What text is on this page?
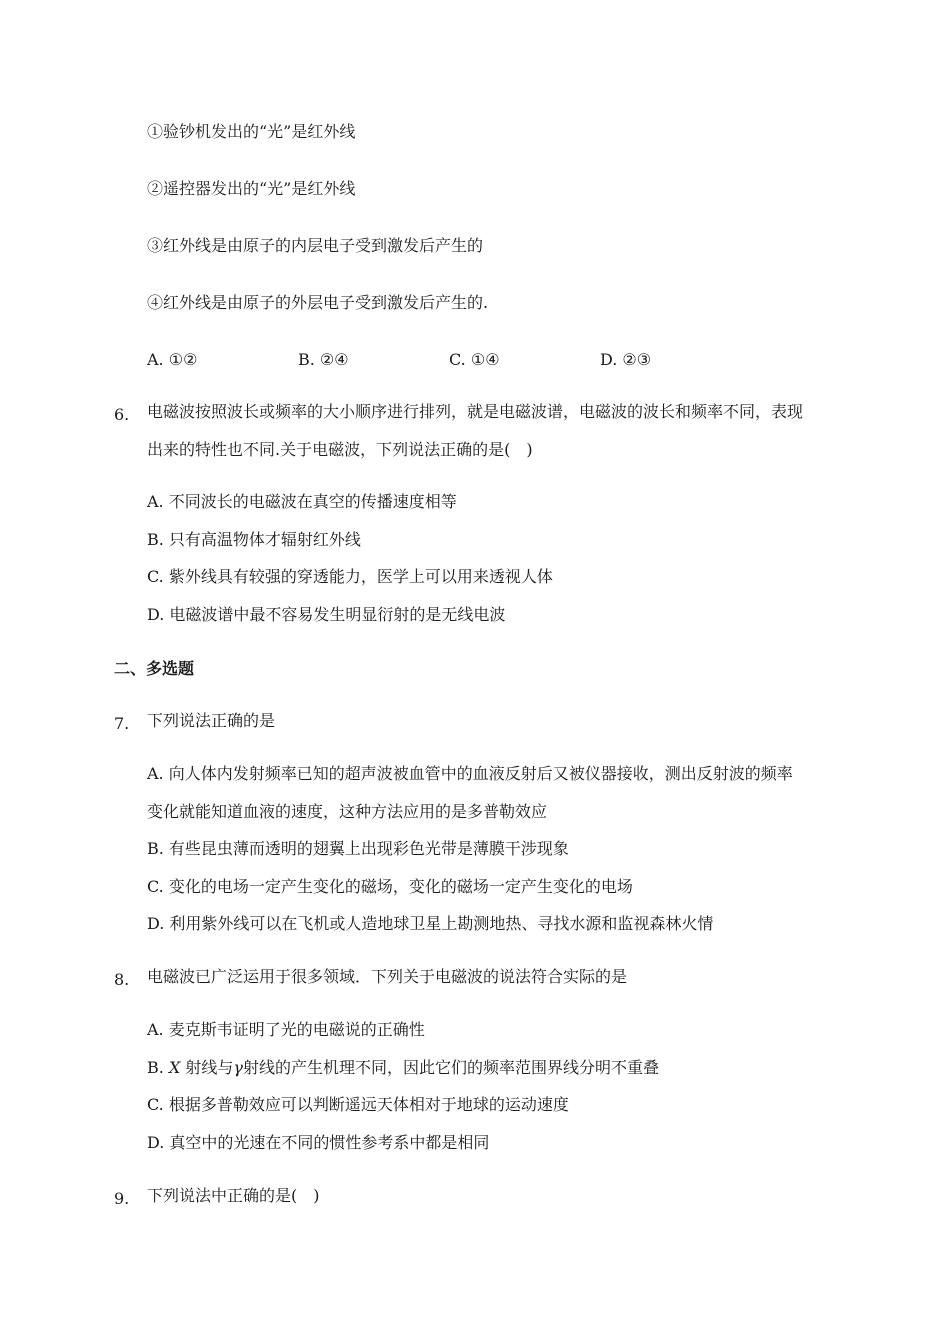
①验钞机发出的“光”是红外线
②遥控器发出的“光”是红外线
③红外线是由原子的内层电子受到激发后产生的
④红外线是由原子的外层电子受到激发后产生的.
A. ①②	B. ②④	C. ①④	D. ②③
6. 电磁波按照波长或频率的大小顺序进行排列，就是电磁波谱，电磁波的波长和频率不同，表现
出来的特性也不同.关于电磁波，下列说法正确的是(　)
A. 不同波长的电磁波在真空的传播速度相等
B. 只有高温物体才辐射红外线
C. 紫外线具有较强的穿透能力，医学上可以用来透视人体
D. 电磁波谱中最不容易发生明显衍射的是无线电波
二、多选题
7. 下列说法正确的是
A. 向人体内发射频率已知的超声波被血管中的血液反射后又被仪器接收，测出反射波的频率
变化就能知道血液的速度，这种方法应用的是多普勒效应
B. 有些昆虫薄而透明的翅翼上出现彩色光带是薄膜干涉现象
C. 变化的电场一定产生变化的磁场，变化的磁场一定产生变化的电场
D. 利用紫外线可以在飞机或人造地球卫星上勘测地热、寻找水源和监视森林火情
8. 电磁波已广泛运用于很多领域．下列关于电磁波的说法符合实际的是
A. 麦克斯韦证明了光的电磁说的正确性
B. X 射线与γ射线的产生机理不同，因此它们的频率范围界线分明不重叠
C. 根据多普勒效应可以判断遥远天体相对于地球的运动速度
D. 真空中的光速在不同的惯性参考系中都是相同
9. 下列说法中正确的是(　)
